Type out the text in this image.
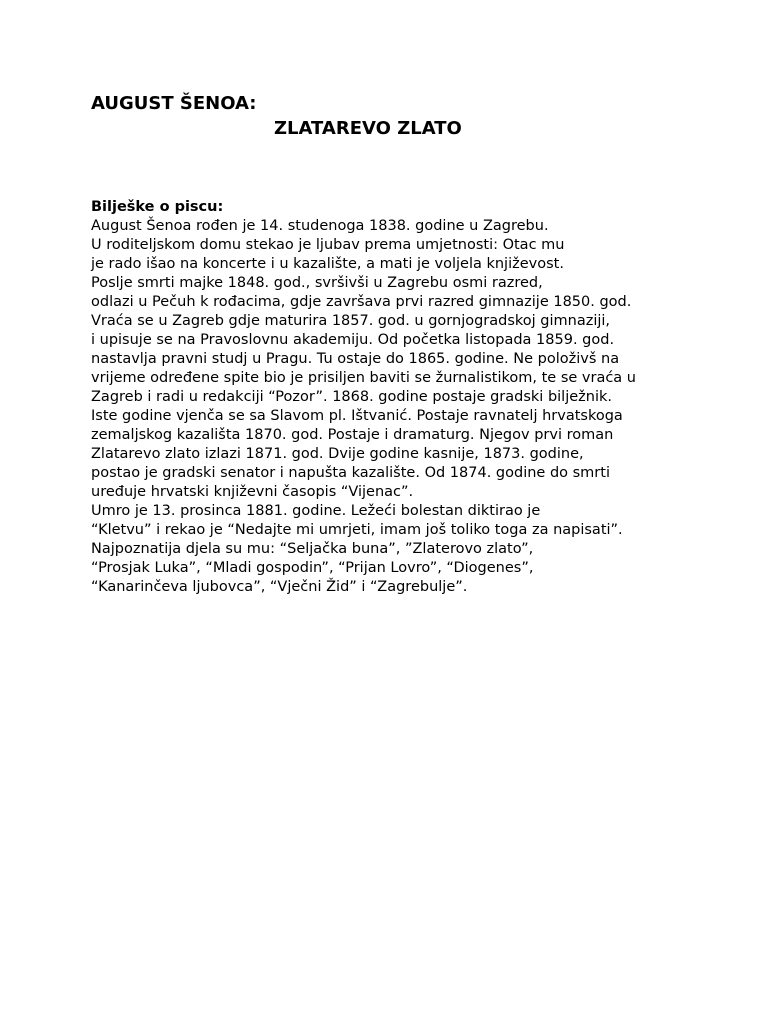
AUGUST ŠENOA:
ZLATAREVO ZLATO
Bilješke o piscu:
August Šenoa rođen je 14. studenoga 1838. godine u Zagrebu.
U roditeljskom domu stekao je ljubav prema umjetnosti: Otac mu
je rado išao na koncerte i u kazalište, a mati je voljela književost.
Poslje smrti majke 1848. god., svršivši u Zagrebu osmi razred,
odlazi u Pečuh k rođacima, gdje završava prvi razred gimnazije 1850. god.
Vraća se u Zagreb gdje maturira 1857. god. u gornjogradskoj gimnaziji,
i upisuje se na Pravoslovnu akademiju. Od početka listopada 1859. god.
nastavlja pravni studj u Pragu. Tu ostaje do 1865. godine. Ne položivš na
vrijeme određene spite bio je prisiljen baviti se žurnalistikom, te se vraća u
Zagreb i radi u redakciji “Pozor”. 1868. godine postaje gradski bilježnik.
Iste godine vjenča se sa Slavom pl. Ištvanić. Postaje ravnatelj hrvatskoga
zemaljskog kazališta 1870. god. Postaje i dramaturg. Njegov prvi roman
Zlatarevo zlato izlazi 1871. god. Dvije godine kasnije, 1873. godine,
postao je gradski senator i napušta kazalište. Od 1874. godine do smrti
uređuje hrvatski književni časopis “Vijenac”.
Umro je 13. prosinca 1881. godine. Ležeći bolestan diktirao je
“Kletvu” i rekao je “Nedajte mi umrjeti, imam još toliko toga za napisati”.
Najpoznatija djela su mu: “Seljačka buna”, ”Zlaterovo zlato”,
“Prosjak Luka”, “Mladi gospodin”, “Prijan Lovro”, “Diogenes”,
“Kanarinčeva ljubovca”, “Vječni Žid” i “Zagrebulje”.
